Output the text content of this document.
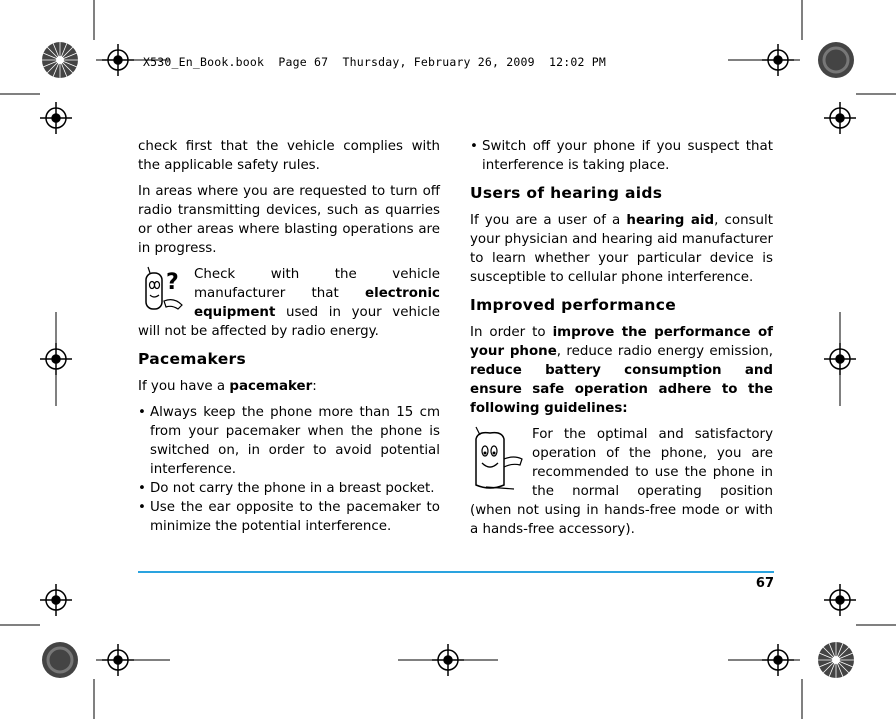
X530_En_Book.book  Page 67  Thursday, February 26, 2009  12:02 PM

check first that the vehicle complies with the applicable safety rules.

In areas where you are requested to turn off radio transmitting devices, such as quarries or other areas where blasting operations are in progress.

?	Check with the vehicle manufacturer that electronic equipment used in your vehicle will not be affected by radio energy.

Pacemakers

If you have a pacemaker:

• Always keep the phone more than 15 cm from your pacemaker when the phone is switched on, in order to avoid potential interference.
• Do not carry the phone in a breast pocket.
• Use the ear opposite to the pacemaker to minimize the potential interference.
• Switch off your phone if you suspect that interference is taking place.
Users of hearing aids

If you are a user of a hearing aid, consult your physician and hearing aid manufacturer to learn whether your particular device is susceptible to cellular phone interference.

Improved performance

In order to improve the performance of your phone, reduce radio energy emission, reduce battery consumption and ensure safe operation adhere to the following guidelines:

For the optimal and satisfactory operation of the phone, you are recommended to use the phone in the normal operating position (when not using in hands-free mode or with a hands-free accessory).

67
